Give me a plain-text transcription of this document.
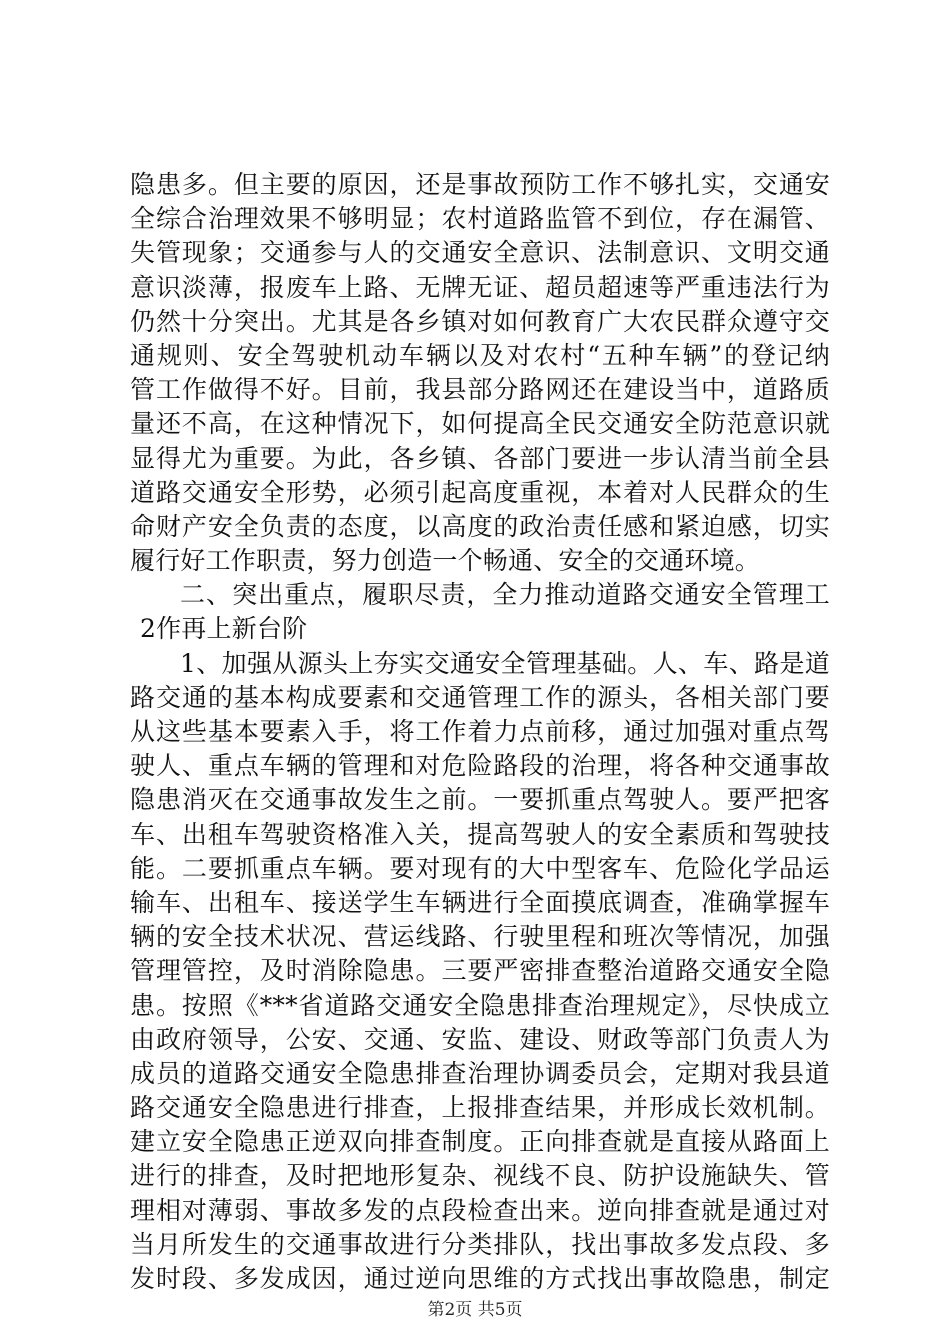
隐患多。但主要的原因，还是事故预防工作不够扎实，交通安
全综合治理效果不够明显；农村道路监管不到位，存在漏管、
失管现象；交通参与人的交通安全意识、法制意识、文明交通
意识淡薄，报废车上路、无牌无证、超员超速等严重违法行为
仍然十分突出。尤其是各乡镇对如何教育广大农民群众遵守交
通规则、安全驾驶机动车辆以及对农村“五种车辆”的登记纳
管工作做得不好。目前，我县部分路网还在建设当中，道路质
量还不高，在这种情况下，如何提高全民交通安全防范意识就
显得尤为重要。为此，各乡镇、各部门要进一步认清当前全县
道路交通安全形势，必须引起高度重视，本着对人民群众的生
命财产安全负责的态度，以高度的政治责任感和紧迫感，切实
履行好工作职责，努力创造一个畅通、安全的交通环境。
二、突出重点，履职尽责，全力推动道路交通安全管理工
2作再上新台阶
1、加强从源头上夯实交通安全管理基础。人、车、路是道
路交通的基本构成要素和交通管理工作的源头，各相关部门要
从这些基本要素入手，将工作着力点前移，通过加强对重点驾
驶人、重点车辆的管理和对危险路段的治理，将各种交通事故
隐患消灭在交通事故发生之前。一要抓重点驾驶人。要严把客
车、出租车驾驶资格准入关，提高驾驶人的安全素质和驾驶技
能。二要抓重点车辆。要对现有的大中型客车、危险化学品运
输车、出租车、接送学生车辆进行全面摸底调查，准确掌握车
辆的安全技术状况、营运线路、行驶里程和班次等情况，加强
管理管控，及时消除隐患。三要严密排查整治道路交通安全隐
患。按照《***省道路交通安全隐患排查治理规定》，尽快成立
由政府领导，公安、交通、安监、建设、财政等部门负责人为
成员的道路交通安全隐患排查治理协调委员会，定期对我县道
路交通安全隐患进行排查，上报排查结果，并形成长效机制。
建立安全隐患正逆双向排查制度。正向排查就是直接从路面上
进行的排查，及时把地形复杂、视线不良、防护设施缺失、管
理相对薄弱、事故多发的点段检查出来。逆向排查就是通过对
当月所发生的交通事故进行分类排队，找出事故多发点段、多
发时段、多发成因，通过逆向思维的方式找出事故隐患，制定
第2页 共5页
